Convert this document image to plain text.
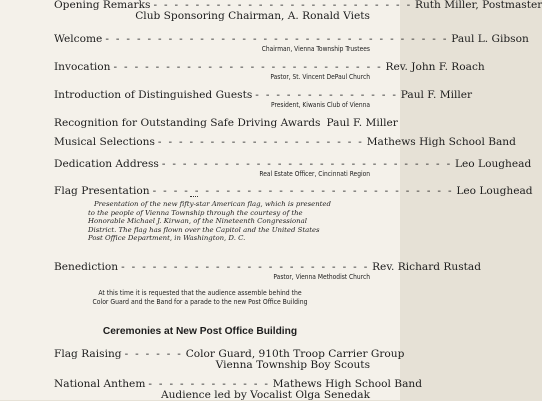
Opening Remarks - - - - - - - - - - - - - - - - - - - - - - - - - Ruth Miller, Postmaster
Club Sponsoring Chairman, A. Ronald Viets
Welcome - - - - - - - - - - - - - - - - - - - - - - - - - - - - - - - - - Paul L. Gibson
Chairman, Vienna Township Trustees
Invocation - - - - - - - - - - - - - - - - - - - - - - - - - - Rev. John F. Roach
Pastor, St. Vincent DePaul Church
Introduction of Distinguished Guests - - - - - - - - - - - - - - Paul F. Miller
President, Kiwanis Club of Vienna
Recognition for Outstanding Safe Driving Awards Paul F. Miller
Musical Selections - - - - - - - - - - - - - - - - - - - - Mathews High School Band
Dedication Address - - - - - - - - - - - - - - - - - - - - - - - - - - - - Leo Loughead
Real Estate Officer, Cincinnati Region
Flag Presentation - - - - - - - - - - - - - - - - - - - - - - - - - - - - - Leo Loughead
Presentation of the new fifty-star American flag, which is presented to the people of Vienna Township through the courtesy of the Honorable Michael J. Kirwan, of the Nineteenth Congressional District. The flag has flown over the Capitol and the United States Post Office Department, in Washington, D. C.
Benediction - - - - - - - - - - - - - - - - - - - - - - - - Rev. Richard Rustad
Pastor, Vienna Methodist Church
At this time it is requested that the audience assemble behind the
Color Guard and the Band for a parade to the new Post Office Building
Ceremonies at New Post Office Building
Flag Raising - - - - - - Color Guard, 910th Troop Carrier Group
Vienna Township Boy Scouts
National Anthem - - - - - - - - - - - - Mathews High School Band
Audience led by Vocalist Olga Senedak
